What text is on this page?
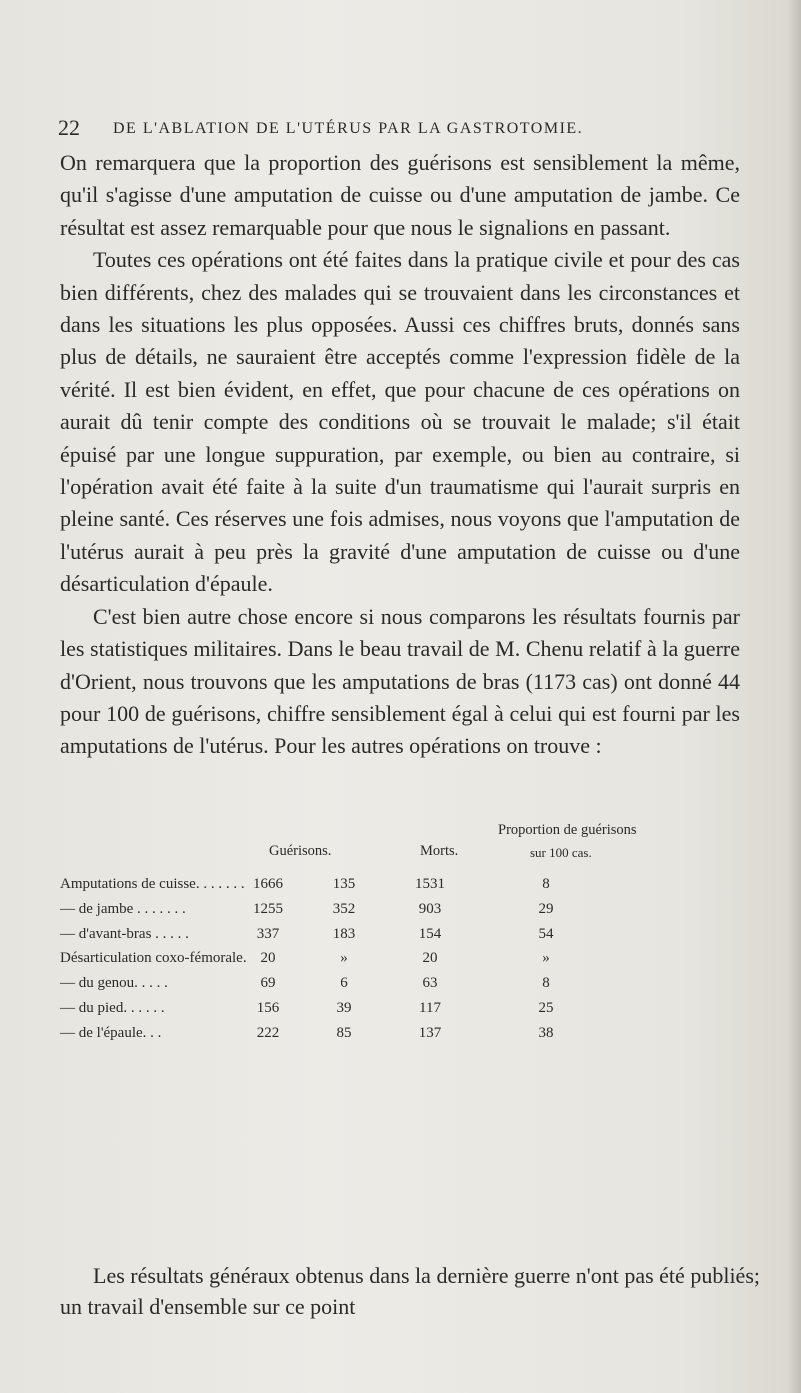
22 DE L'ABLATION DE L'UTÉRUS PAR LA GASTROTOMIE.

On remarquera que la proportion des guérisons est sensiblement la même, qu'il s'agisse d'une amputation de cuisse ou d'une amputation de jambe. Ce résultat est assez remarquable pour que nous le signalions en passant.

Toutes ces opérations ont été faites dans la pratique civile et pour des cas bien différents, chez des malades qui se trouvaient dans les circonstances et dans les situations les plus opposées. Aussi ces chiffres bruts, donnés sans plus de détails, ne sauraient être acceptés comme l'expression fidèle de la vérité. Il est bien évident, en effet, que pour chacune de ces opérations on aurait dû tenir compte des conditions où se trouvait le malade; s'il était épuisé par une longue suppuration, par exemple, ou bien au contraire, si l'opération avait été faite à la suite d'un traumatisme qui l'aurait surpris en pleine santé. Ces réserves une fois admises, nous voyons que l'amputation de l'utérus aurait à peu près la gravité d'une amputation de cuisse ou d'une désarticulation d'épaule.

C'est bien autre chose encore si nous comparons les résultats fournis par les statistiques militaires. Dans le beau travail de M. Chenu relatif à la guerre d'Orient, nous trouvons que les amputations de bras (1173 cas) ont donné 44 pour 100 de guérisons, chiffre sensiblement égal à celui qui est fourni par les amputations de l'utérus. Pour les autres opérations on trouve :

Proportion de guérisons
Guérisons.	Morts.	sur 100 cas.
Amputations de cuisse. . . . . . . 1666	135	1531	8
— de jambe . . . . . . .	1255	352	903	29
— d'avant-bras . . . . .	337	183	154	54
Désarticulation coxo-fémorale. 20	»	20	»
— du genou. . . . .	69	6	63	8
— du pied. . . . . .	156	39	117	25
— de l'épaule. . .	222	85	137	38

Les résultats généraux obtenus dans la dernière guerre n'ont pas été publiés; un travail d'ensemble sur ce point
